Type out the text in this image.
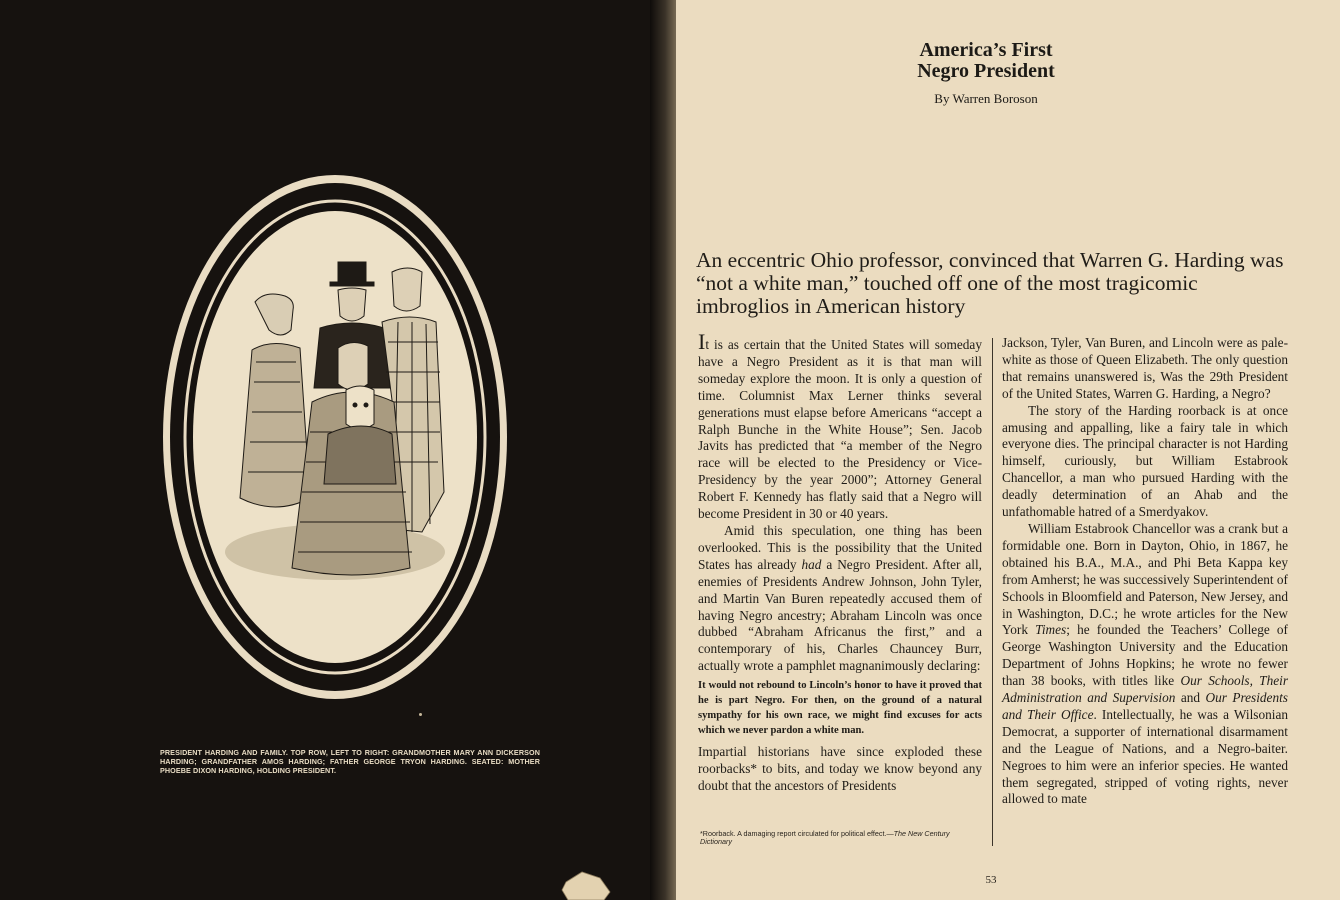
PRESIDENT HARDING AND FAMILY. TOP ROW, LEFT TO RIGHT: GRANDMOTHER MARY ANN DICKERSON HARDING; GRANDFATHER AMOS HARDING; FATHER GEORGE TRYON HARDING. SEATED: MOTHER PHOEBE DIXON HARDING, HOLDING PRESIDENT.
America’s First
Negro President
By Warren Boroson
An eccentric Ohio professor, convinced that Warren G. Harding was “not a white man,” touched off one of the most tragicomic imbroglios in American history

It is as certain that the United States will someday have a Negro President as it is that man will someday explore the moon. It is only a question of time. Columnist Max Lerner thinks several generations must elapse before Americans “accept a Ralph Bunche in the White House”; Sen. Jacob Javits has predicted that “a member of the Negro race will be elected to the Presidency or Vice-Presidency by the year 2000”; Attorney General Robert F. Kennedy has flatly said that a Negro will become President in 30 or 40 years.

Amid this speculation, one thing has been overlooked. This is the possibility that the United States has already had a Negro President. After all, enemies of Presidents Andrew Johnson, John Tyler, and Martin Van Buren repeatedly accused them of having Negro ancestry; Abraham Lincoln was once dubbed “Abraham Africanus the first,” and a contemporary of his, Charles Chauncey Burr, actually wrote a pamphlet magnanimously declaring:

It would not rebound to Lincoln’s honor to have it proved that he is part Negro. For then, on the ground of a natural sympathy for his own race, we might find excuses for acts which we never pardon a white man.

Impartial historians have since exploded these roorbacks* to bits, and today we know beyond any doubt that the ancestors of Presidents

*Roorback. A damaging report circulated for political effect.—The New Century Dictionary

Jackson, Tyler, Van Buren, and Lincoln were as pale-white as those of Queen Elizabeth. The only question that remains unanswered is, Was the 29th President of the United States, Warren G. Harding, a Negro?

The story of the Harding roorback is at once amusing and appalling, like a fairy tale in which everyone dies. The principal character is not Harding himself, curiously, but William Estabrook Chancellor, a man who pursued Harding with the deadly determination of an Ahab and the unfathomable hatred of a Smerdyakov.

William Estabrook Chancellor was a crank but a formidable one. Born in Dayton, Ohio, in 1867, he obtained his B.A., M.A., and Phi Beta Kappa key from Amherst; he was successively Superintendent of Schools in Bloomfield and Paterson, New Jersey, and in Washington, D.C.; he wrote articles for the New York Times; he founded the Teachers’ College of George Washington University and the Education Department of Johns Hopkins; he wrote no fewer than 38 books, with titles like Our Schools, Their Administration and Supervision and Our Presidents and Their Office. Intellectually, he was a Wilsonian Democrat, a supporter of international disarmament and the League of Nations, and a Negro-baiter. Negroes to him were an inferior species. He wanted them segregated, stripped of voting rights, never allowed to mate

53
